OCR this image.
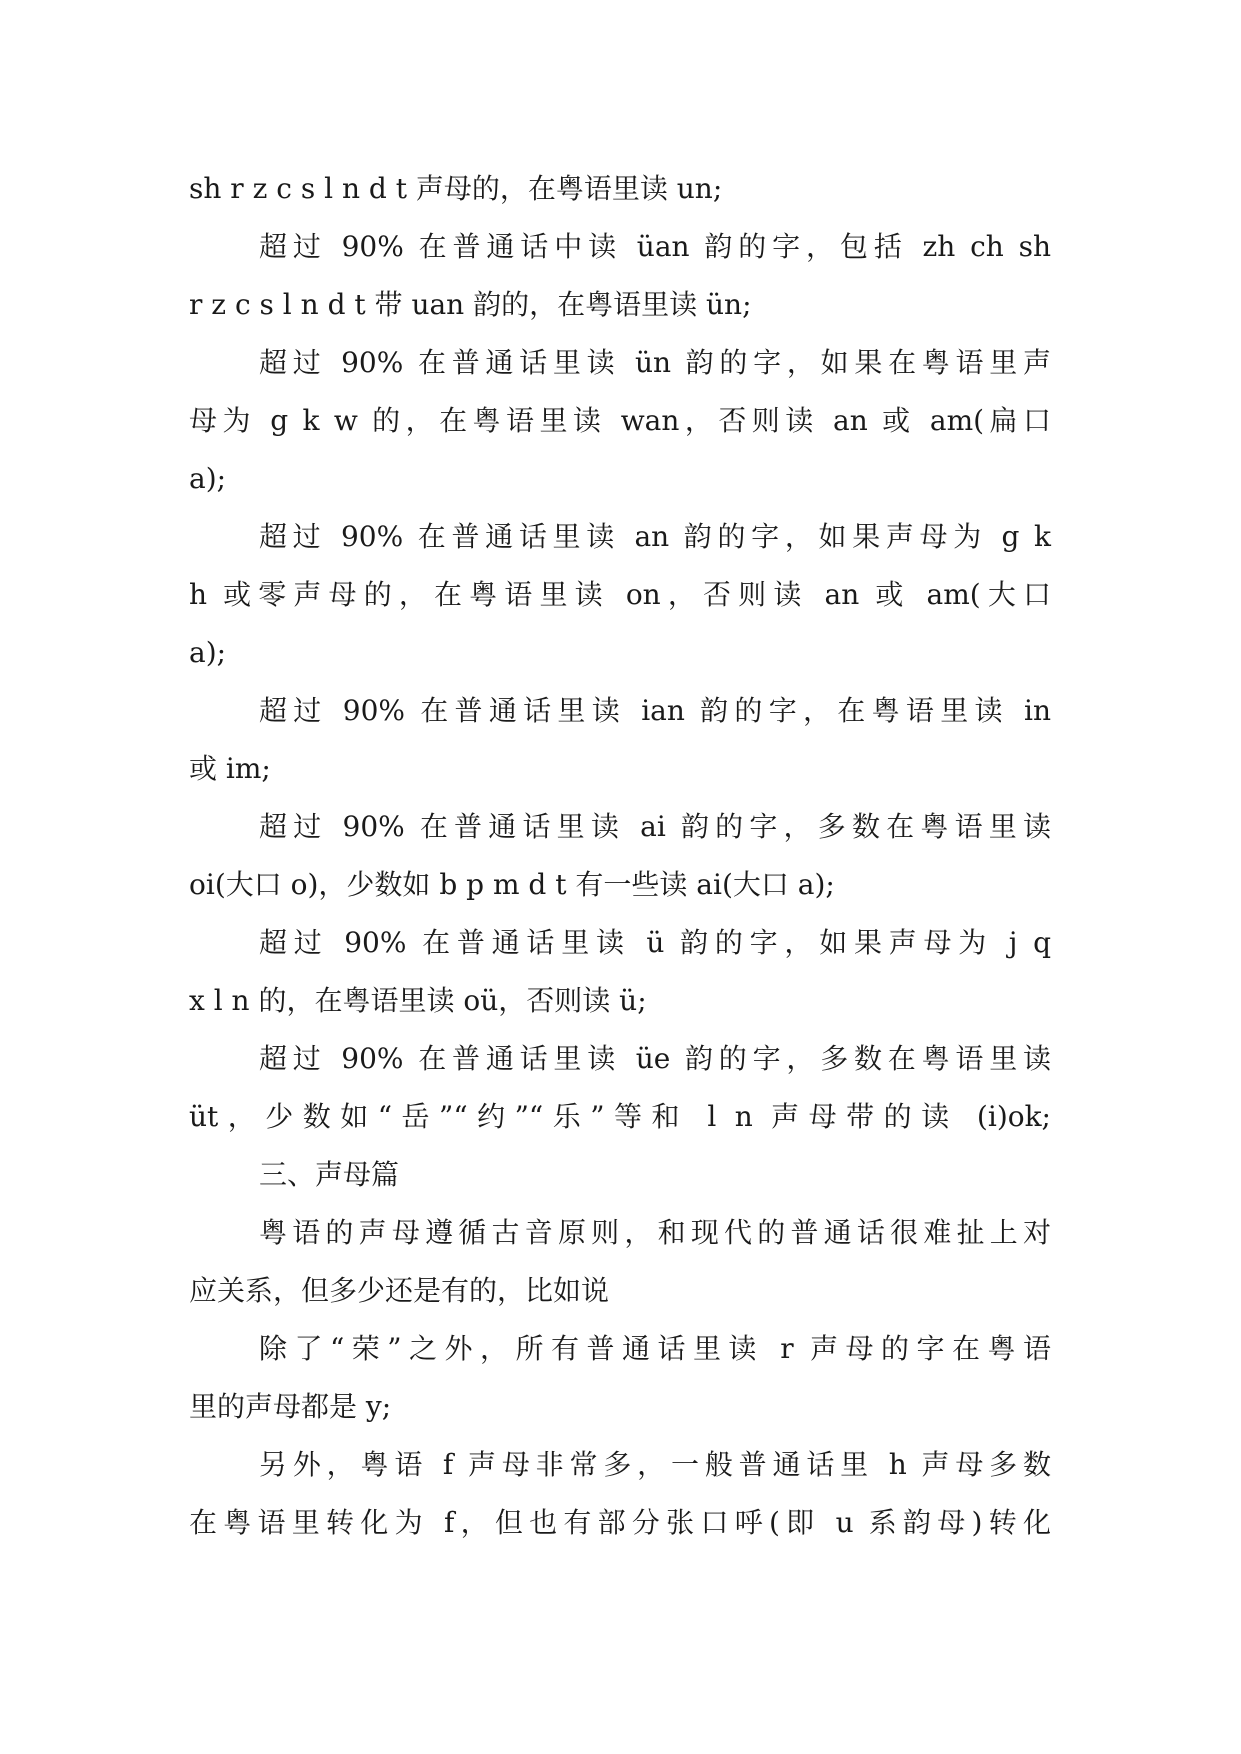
sh r z c s l n d t 声母的，在粤语里读 un;
超过 90% 在普通话中读 üan 韵的字，包括 zh ch sh
r z c s l n d t 带 uan 韵的，在粤语里读 ün;
超过 90% 在普通话里读 ün 韵的字，如果在粤语里声
母为 g k w 的，在粤语里读 wan，否则读 an 或 am(扁口
a);
超过 90% 在普通话里读 an 韵的字，如果声母为 g k
h 或零声母的，在粤语里读 on，否则读 an 或 am(大口
a);
超过 90% 在普通话里读 ian 韵的字，在粤语里读 in
或 im;
超过 90% 在普通话里读 ai 韵的字，多数在粤语里读
oi(大口 o)，少数如 b p m d t 有一些读 ai(大口 a);
超过 90% 在普通话里读 ü 韵的字，如果声母为 j q
x l n 的，在粤语里读 oü，否则读 ü;
超过 90% 在普通话里读 üe 韵的字，多数在粤语里读
üt，少数如“岳”“约”“乐”等和 l n 声母带的读 (i)ok;
三、声母篇
粤语的声母遵循古音原则，和现代的普通话很难扯上对
应关系，但多少还是有的，比如说
除了“荣”之外，所有普通话里读 r 声母的字在粤语
里的声母都是 y;
另外，粤语 f 声母非常多，一般普通话里 h 声母多数
在粤语里转化为 f，但也有部分张口呼(即 u 系韵母)转化
